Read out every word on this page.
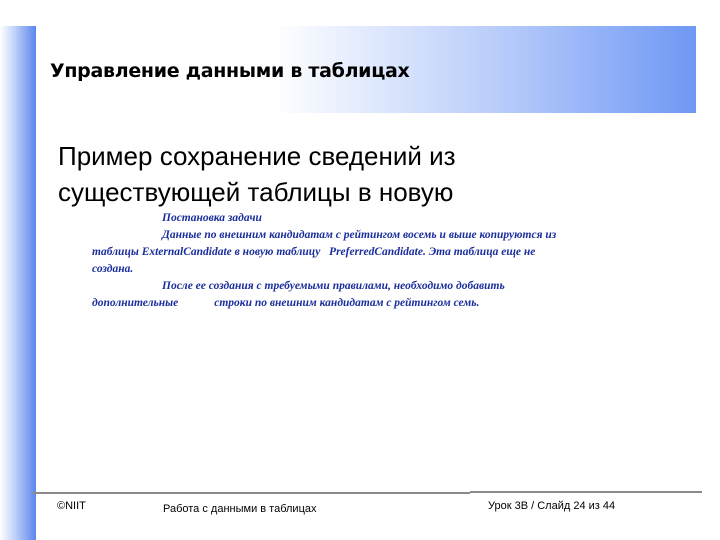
Управление данными в таблицах
Пример сохранение сведений из существующей таблицы в новую
Постановка задачи
Данные по внешним кандидатам с рейтингом восемь и выше копируются из
таблицы ExternalCandidate в новую таблицу PreferredCandidate. Эта таблица еще не
создана.
После ее создания с требуемыми правилами, необходимо добавить
дополнительные	строки по внешним кандидатам с рейтингом семь.
©NIIT	Работа с данными в таблицах	Урок 3В / Слайд 24 из 44
